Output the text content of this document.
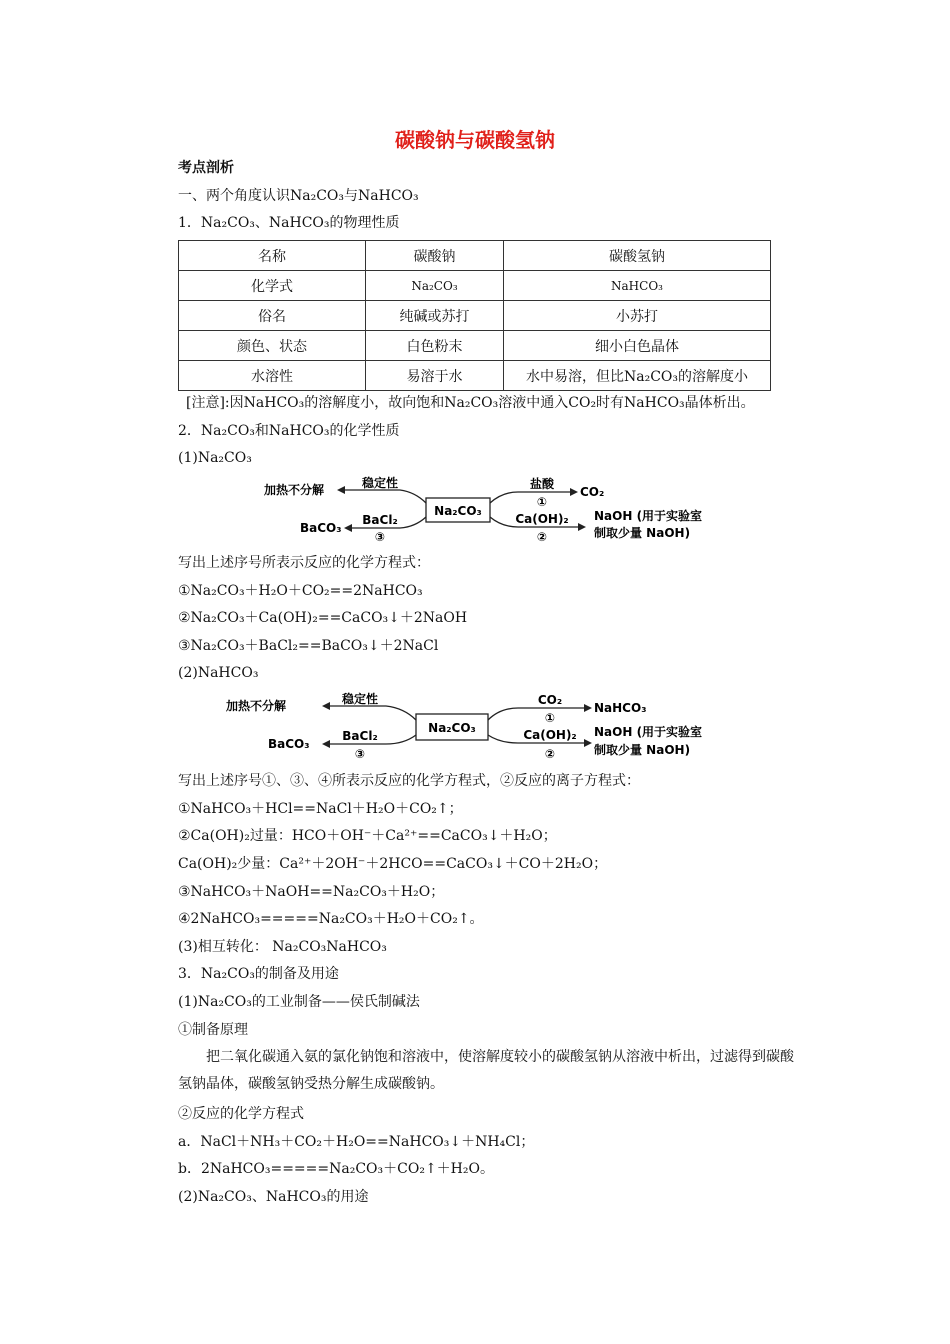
碳酸钠与碳酸氢钠
考点剖析
一、两个角度认识Na₂CO₃与NaHCO₃
1．Na₂CO₃、NaHCO₃的物理性质
名称	碳酸钠	碳酸氢钠
化学式	Na₂CO₃	NaHCO₃
俗名	纯碱或苏打	小苏打
颜色、状态	白色粉末	细小白色晶体
水溶性	易溶于水	水中易溶，但比Na₂CO₃的溶解度小
[注意]:因NaHCO₃的溶解度小，故向饱和Na₂CO₃溶液中通入CO₂时有NaHCO₃晶体析出。
2．Na₂CO₃和NaHCO₃的化学性质
(1)Na₂CO₃
Na₂CO₃
稳定性
加热不分解
BaCl₂
③
BaCO₃
盐酸
①
CO₂
Ca(OH)₂
②
NaOH (用于实验室
制取少量 NaOH)
写出上述序号所表示反应的化学方程式：
①Na₂CO₃＋H₂O＋CO₂==2NaHCO₃
②Na₂CO₃＋Ca(OH)₂==CaCO₃↓＋2NaOH
③Na₂CO₃＋BaCl₂==BaCO₃↓＋2NaCl
(2)NaHCO₃
Na₂CO₃
稳定性
加热不分解
BaCl₂
③
BaCO₃
CO₂
①
NaHCO₃
Ca(OH)₂
②
NaOH (用于实验室
制取少量 NaOH)
写出上述序号①、③、④所表示反应的化学方程式，②反应的离子方程式：
①NaHCO₃＋HCl==NaCl＋H₂O＋CO₂↑；
②Ca(OH)₂过量：HCO＋OH⁻＋Ca²⁺==CaCO₃↓＋H₂O；
Ca(OH)₂少量：Ca²⁺＋2OH⁻＋2HCO==CaCO₃↓＋CO＋2H₂O；
③NaHCO₃＋NaOH==Na₂CO₃＋H₂O；
④2NaHCO₃=====Na₂CO₃＋H₂O＋CO₂↑。
(3)相互转化： Na₂CO₃NaHCO₃
3．Na₂CO₃的制备及用途
(1)Na₂CO₃的工业制备——侯氏制碱法
①制备原理
把二氧化碳通入氨的氯化钠饱和溶液中，使溶解度较小的碳酸氢钠从溶液中析出，过滤得到碳酸氢钠晶体，碳酸氢钠受热分解生成碳酸钠。
②反应的化学方程式
a．NaCl＋NH₃＋CO₂＋H₂O==NaHCO₃↓＋NH₄Cl；
b．2NaHCO₃=====Na₂CO₃＋CO₂↑＋H₂O。
(2)Na₂CO₃、NaHCO₃的用途
